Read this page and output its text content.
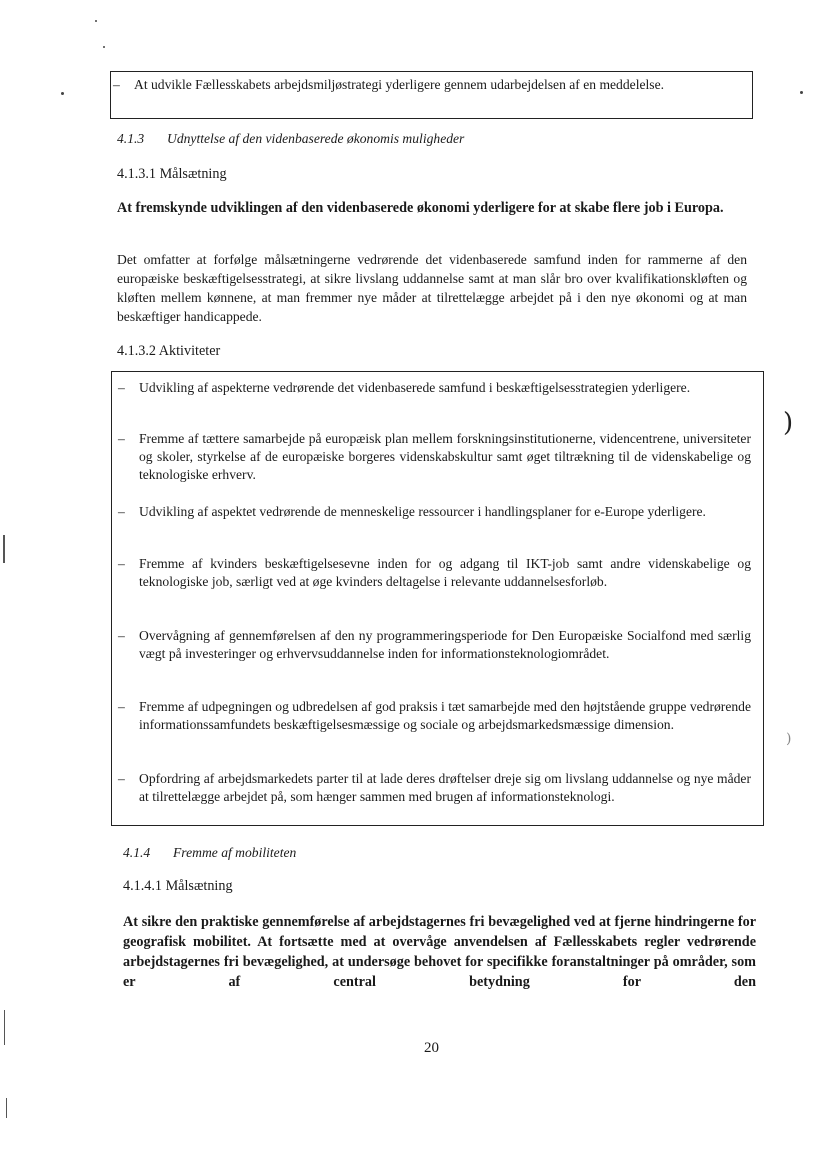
– At udvikle Fællesskabets arbejdsmiljøstrategi yderligere gennem udarbejdelsen af en meddelelse.
4.1.3 Udnyttelse af den videnbaserede økonomis muligheder
4.1.3.1 Målsætning
At fremskynde udviklingen af den videnbaserede økonomi yderligere for at skabe flere job i Europa.
Det omfatter at forfølge målsætningerne vedrørende det videnbaserede samfund inden for rammerne af den europæiske beskæftigelsesstrategi, at sikre livslang uddannelse samt at man slår bro over kvalifikationskløften og kløften mellem kønnene, at man fremmer nye måder at tilrettelægge arbejdet på i den nye økonomi og at man beskæftiger handicappede.
4.1.3.2 Aktiviteter
– Udvikling af aspekterne vedrørende det videnbaserede samfund i beskæftigelsesstrategien yderligere.
– Fremme af tættere samarbejde på europæisk plan mellem forskningsinstitutionerne, videncentrene, universiteter og skoler, styrkelse af de europæiske borgeres videnskabskultur samt øget tiltrækning til de videnskabelige og teknologiske erhverv.
– Udvikling af aspektet vedrørende de menneskelige ressourcer i handlingsplaner for e-Europe yderligere.
– Fremme af kvinders beskæftigelsesevne inden for og adgang til IKT-job samt andre videnskabelige og teknologiske job, særligt ved at øge kvinders deltagelse i relevante uddannelsesforløb.
– Overvågning af gennemførelsen af den ny programmeringsperiode for Den Europæiske Socialfond med særlig vægt på investeringer og erhvervsuddannelse inden for informationsteknologiområdet.
– Fremme af udpegningen og udbredelsen af god praksis i tæt samarbejde med den højtstående gruppe vedrørende informationssamfundets beskæftigelsesmæssige og sociale og arbejdsmarkedsmæssige dimension.
– Opfordring af arbejdsmarkedets parter til at lade deres drøftelser dreje sig om livslang uddannelse og nye måder at tilrettelægge arbejdet på, som hænger sammen med brugen af informationsteknologi.
)
)
4.1.4 Fremme af mobiliteten
4.1.4.1 Målsætning
At sikre den praktiske gennemførelse af arbejdstagernes fri bevægelighed ved at fjerne hindringerne for geografisk mobilitet. At fortsætte med at overvåge anvendelsen af Fællesskabets regler vedrørende arbejdstagernes fri bevægelighed, at undersøge behovet for specifikke foranstaltninger på områder, som er af central betydning for den
20
